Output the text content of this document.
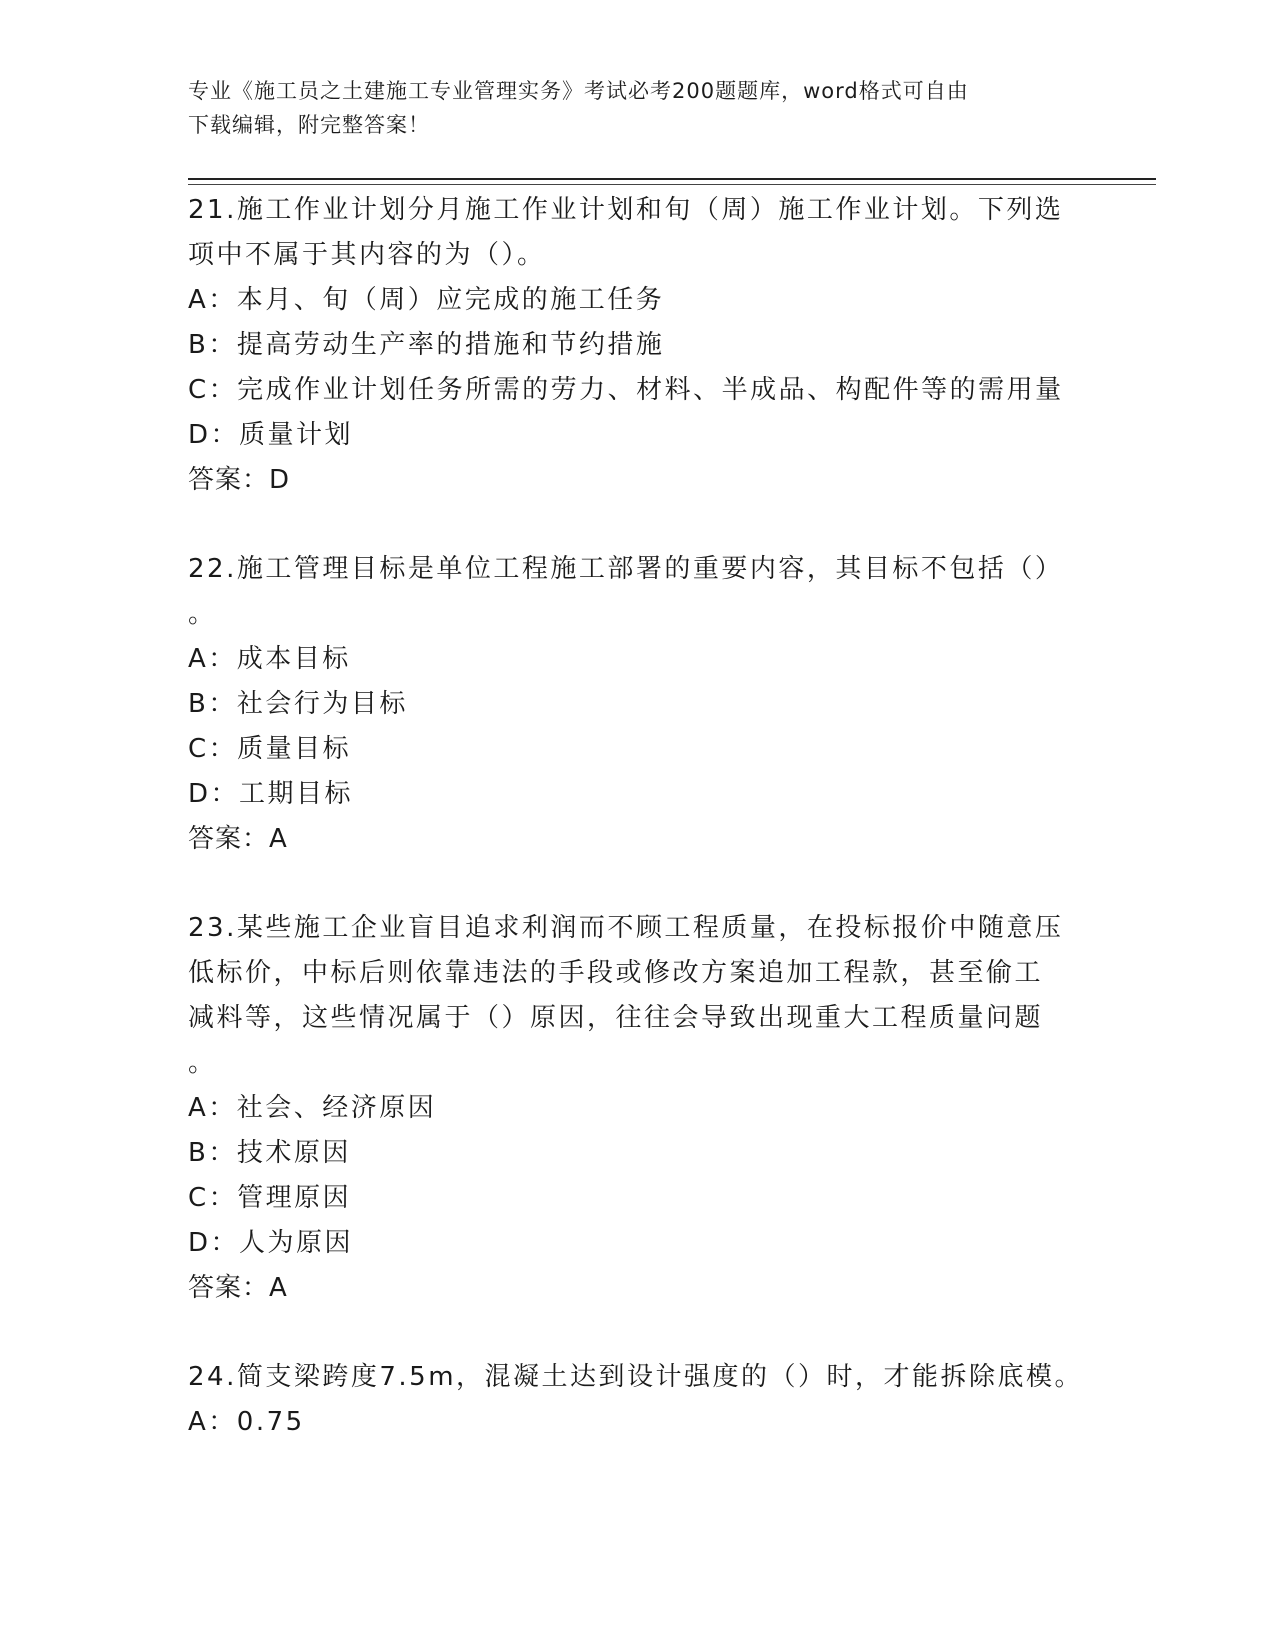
专业《施工员之土建施工专业管理实务》考试必考200题题库，word格式可自由
下载编辑，附完整答案！
21.施工作业计划分月施工作业计划和旬（周）施工作业计划。下列选
项中不属于其内容的为（）。
A：本月、旬（周）应完成的施工任务
B：提高劳动生产率的措施和节约措施
C：完成作业计划任务所需的劳力、材料、半成品、构配件等的需用量
D：质量计划
答案：D
22.施工管理目标是单位工程施工部署的重要内容，其目标不包括（）
。
A：成本目标
B：社会行为目标
C：质量目标
D：工期目标
答案：A
23.某些施工企业盲目追求利润而不顾工程质量，在投标报价中随意压
低标价，中标后则依靠违法的手段或修改方案追加工程款，甚至偷工
减料等，这些情况属于（）原因，往往会导致出现重大工程质量问题
。
A：社会、经济原因
B：技术原因
C：管理原因
D：人为原因
答案：A
24.简支梁跨度7.5m，混凝土达到设计强度的（）时，才能拆除底模。
A：0.75
